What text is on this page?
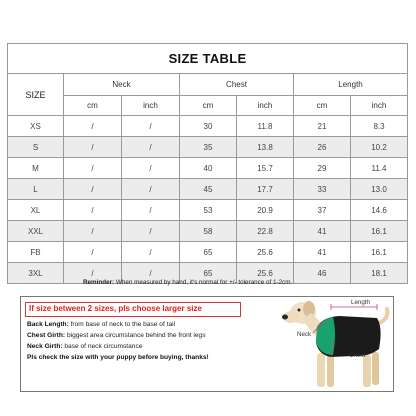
SIZE TABLE						
SIZE	Neck		Chest		Length	
	cm	inch	cm	inch	cm	inch
XS	/	/	30	11.8	21	8.3
S	/	/	35	13.8	26	10.2
M	/	/	40	15.7	29	11.4
L	/	/	45	17.7	33	13.0
XL	/	/	53	20.9	37	14.6
XXL	/	/	58	22.8	41	16.1
FB	/	/	65	25.6	41	16.1
3XL	/	/	65	25.6	46	18.1
Reminder: When measured by hand, it's normal for +/- tolerance of 1-2cm.
If size between 2 sizes, pls choose larger size
Back Length: from base of neck to the base of tail
Chest Girth: biggest area circumstance behind the front legs
Neck Girth: base of neck circumstance
Pls check the size with your puppy before buying, thanks!
Length
Neck
Chest
